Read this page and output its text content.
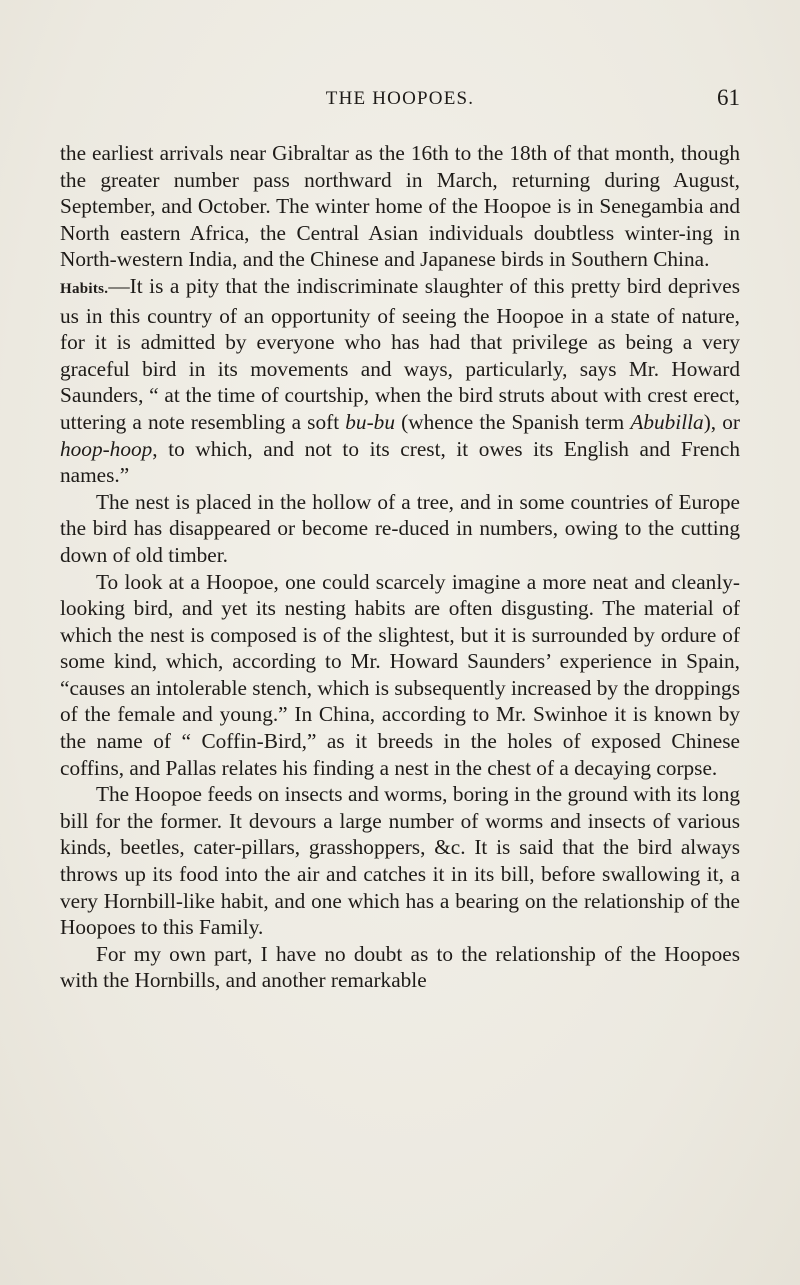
THE HOOPOES.	61

the earliest arrivals near Gibraltar as the 16th to the 18th of that month, though the greater number pass northward in March, returning during August, September, and October. The winter home of the Hoopoe is in Senegambia and North eastern Africa, the Central Asian individuals doubtless winter-ing in North-western India, and the Chinese and Japanese birds in Southern China.

Habits.—It is a pity that the indiscriminate slaughter of this pretty bird deprives us in this country of an opportunity of seeing the Hoopoe in a state of nature, for it is admitted by everyone who has had that privilege as being a very graceful bird in its movements and ways, particularly, says Mr. Howard Saunders, “ at the time of courtship, when the bird struts about with crest erect, uttering a note resembling a soft bu-bu (whence the Spanish term Abubilla), or hoop-hoop, to which, and not to its crest, it owes its English and French names.”

The nest is placed in the hollow of a tree, and in some countries of Europe the bird has disappeared or become re-duced in numbers, owing to the cutting down of old timber.

To look at a Hoopoe, one could scarcely imagine a more neat and cleanly-looking bird, and yet its nesting habits are often disgusting. The material of which the nest is composed is of the slightest, but it is surrounded by ordure of some kind, which, according to Mr. Howard Saunders’ experience in Spain, “causes an intolerable stench, which is subsequently increased by the droppings of the female and young.” In China, according to Mr. Swinhoe it is known by the name of “ Coffin-Bird,” as it breeds in the holes of exposed Chinese coffins, and Pallas relates his finding a nest in the chest of a decaying corpse.

The Hoopoe feeds on insects and worms, boring in the ground with its long bill for the former. It devours a large number of worms and insects of various kinds, beetles, cater-pillars, grasshoppers, &c. It is said that the bird always throws up its food into the air and catches it in its bill, before swallowing it, a very Hornbill-like habit, and one which has a bearing on the relationship of the Hoopoes to this Family.

For my own part, I have no doubt as to the relationship of the Hoopoes with the Hornbills, and another remarkable
